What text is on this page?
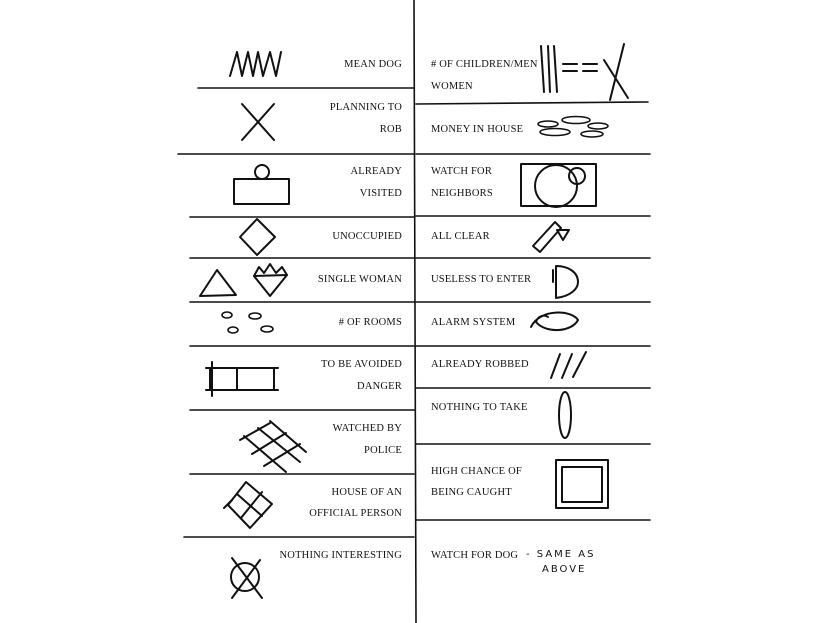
MEAN DOG
PLANNING TO
ROB
ALREADY
VISITED
UNOCCUPIED
SINGLE WOMAN
# OF ROOMS
TO BE AVOIDED
DANGER
WATCHED BY
POLICE
HOUSE OF AN
OFFICIAL PERSON
NOTHING INTERESTING
# OF CHILDREN/MEN
WOMEN
MONEY IN HOUSE
WATCH FOR
NEIGHBORS
ALL CLEAR
USELESS TO ENTER
ALARM SYSTEM
ALREADY ROBBED
NOTHING TO TAKE
HIGH CHANCE OF
BEING CAUGHT
WATCH FOR DOG - SAME AS
ABOVE
